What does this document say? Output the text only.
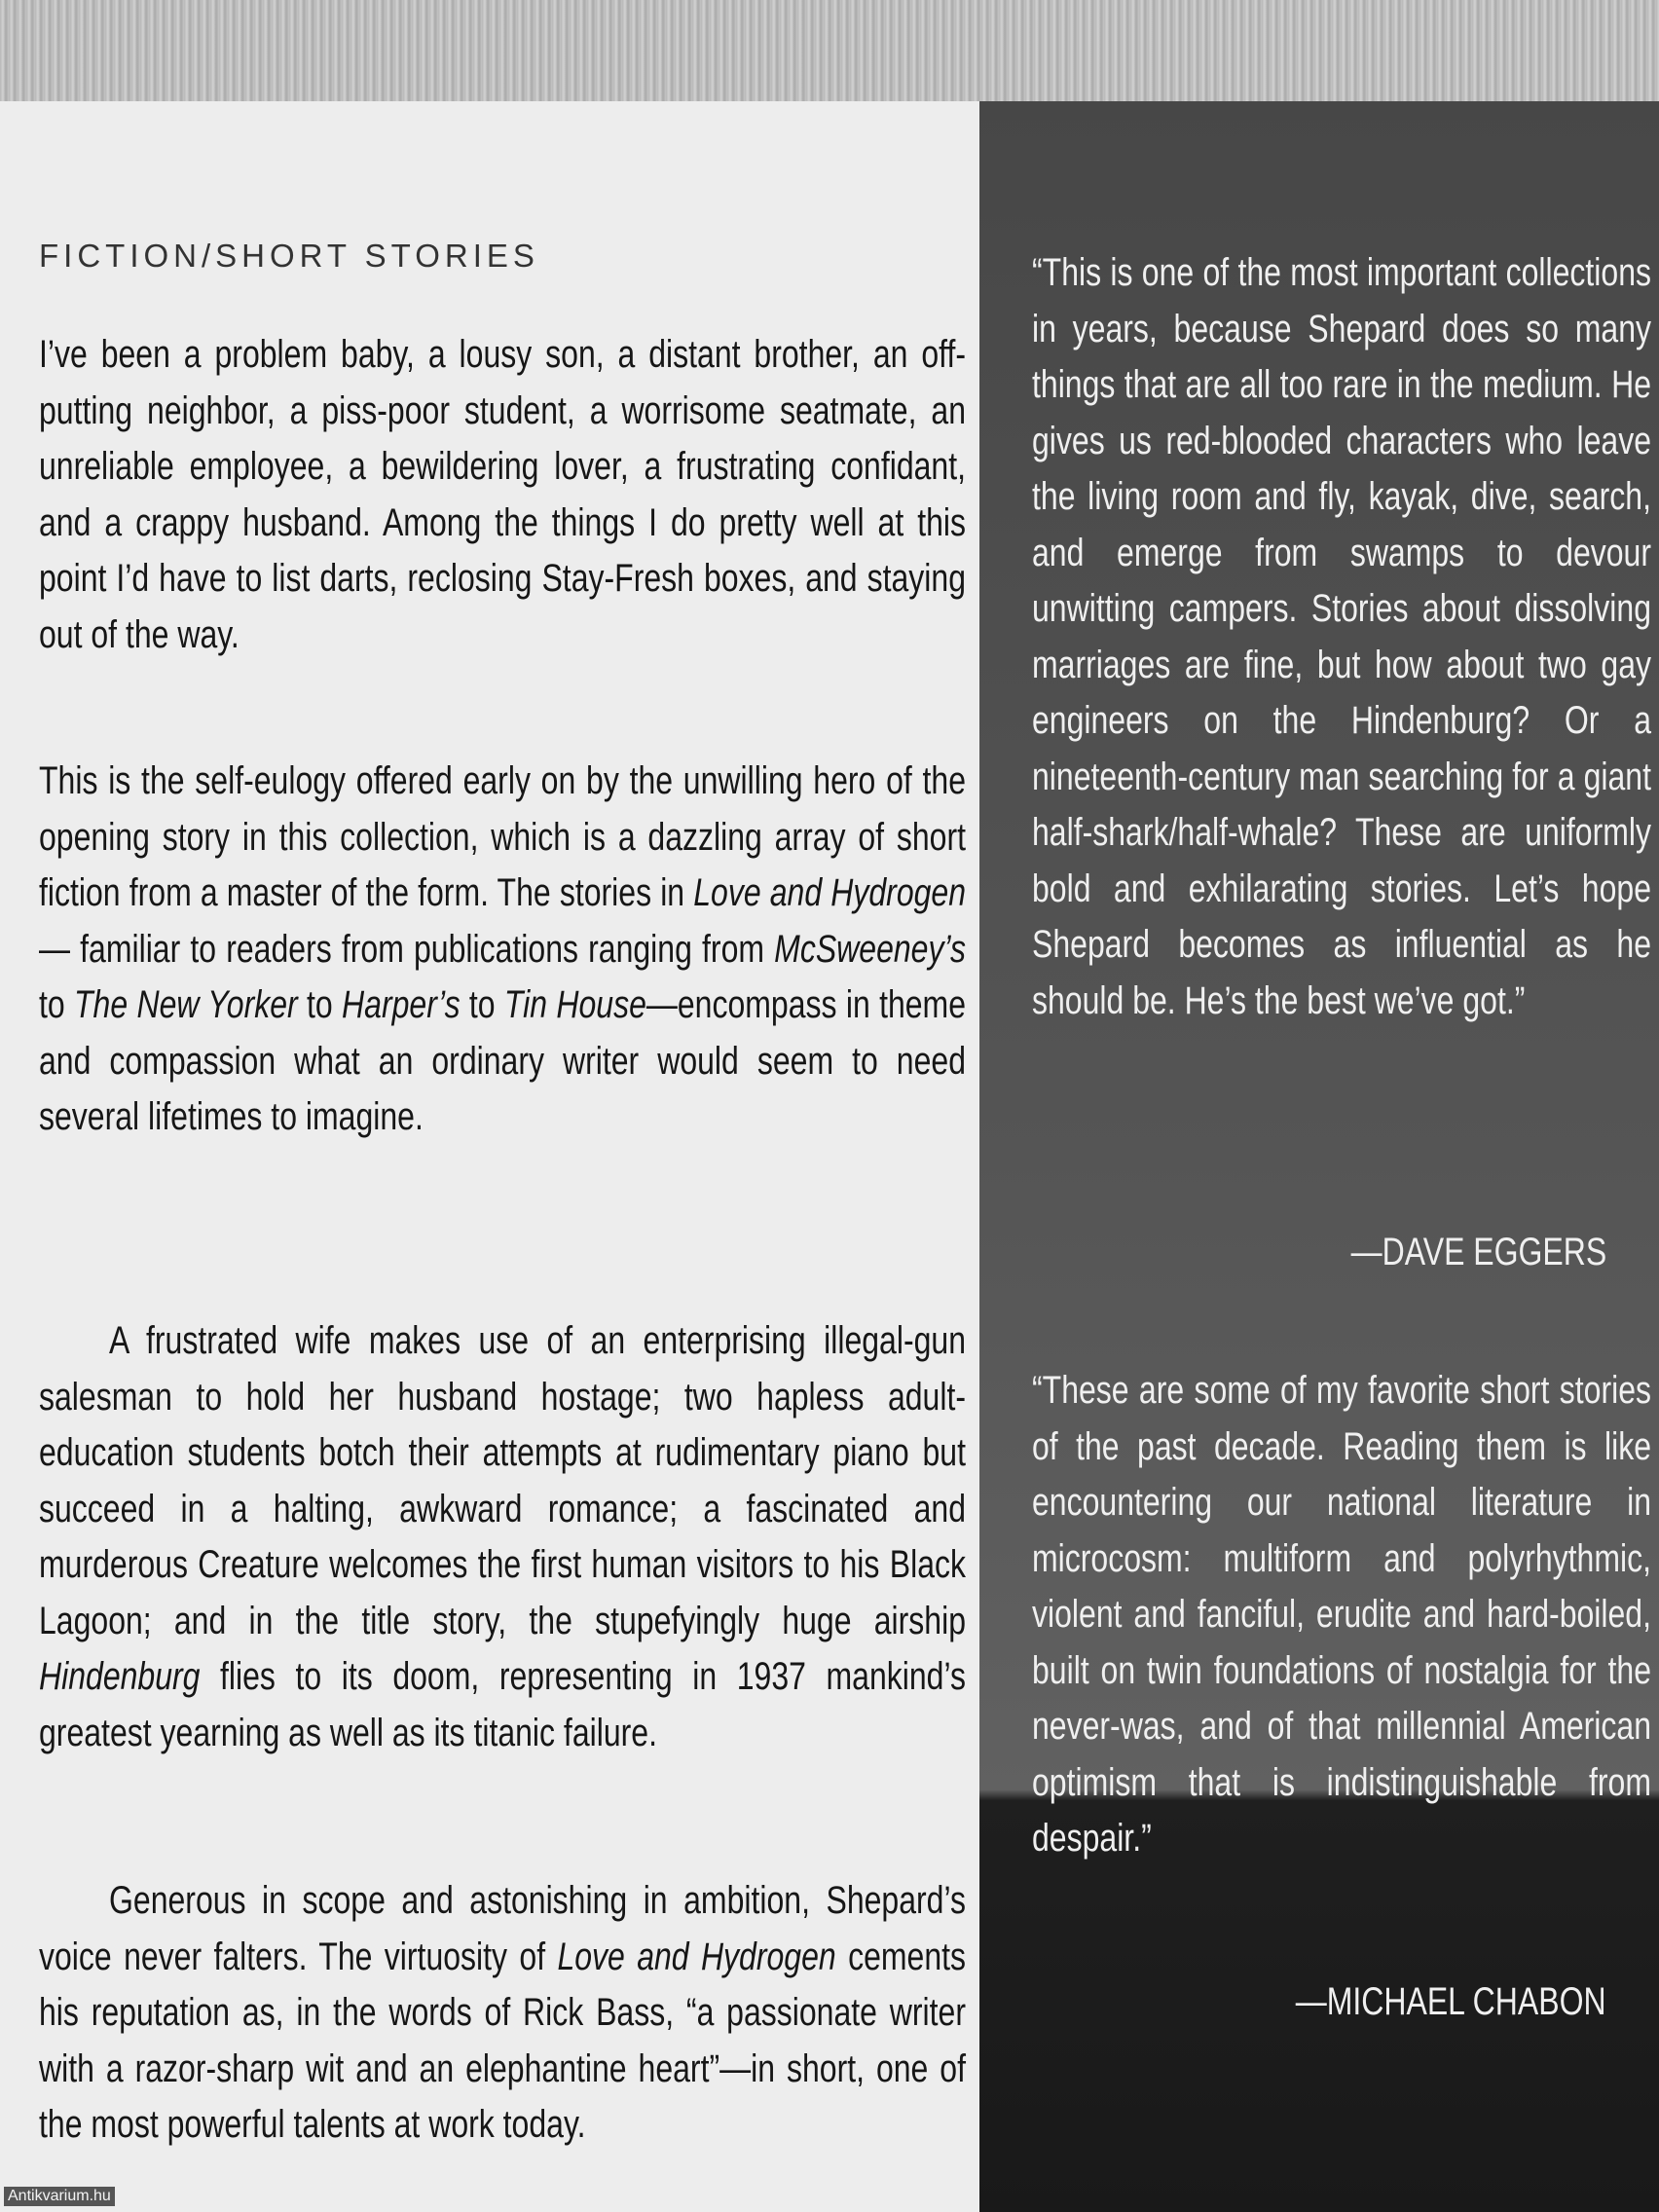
FICTION/SHORT STORIES

I’ve been a problem baby, a lousy son, a distant brother, an off-putting neighbor, a piss-poor student, a worrisome seatmate, an unreliable employee, a bewildering lover, a frustrating confidant, and a crappy husband. Among the things I do pretty well at this point I’d have to list darts, reclosing Stay-Fresh boxes, and staying out of the way.

This is the self-eulogy offered early on by the unwilling hero of the opening story in this collection, which is a dazzling array of short fiction from a master of the form. The stories in Love and Hydrogen— familiar to readers from publications ranging from McSweeney’s to The New Yorker to Harper’s to Tin House—encompass in theme and compassion what an ordinary writer would seem to need several lifetimes to imagine.

A frustrated wife makes use of an enterprising illegal-gun salesman to hold her husband hostage; two hapless adult-education students botch their attempts at rudimentary piano but succeed in a halting, awkward romance; a fascinated and murderous Creature welcomes the first human visitors to his Black Lagoon; and in the title story, the stupefyingly huge airship Hindenburg flies to its doom, representing in 1937 mankind’s greatest yearning as well as its titanic failure.

Generous in scope and astonishing in ambition, Shepard’s voice never falters. The virtuosity of Love and Hydrogen cements his reputation as, in the words of Rick Bass, “a passionate writer with a razor-sharp wit and an elephantine heart”—in short, one of the most powerful talents at work today.

“This is one of the most important collections in years, because Shepard does so many things that are all too rare in the medium. He gives us red-blooded characters who leave the living room and fly, kayak, dive, search, and emerge from swamps to devour unwitting campers. Stories about dissolving marriages are fine, but how about two gay engineers on the Hindenburg? Or a nineteenth-century man searching for a giant half-shark/half-whale? These are uniformly bold and exhilarating stories. Let’s hope Shepard becomes as influential as he should be. He’s the best we’ve got.”

—DAVE EGGERS

“These are some of my favorite short stories of the past decade. Reading them is like encountering our national literature in microcosm: multiform and polyrhythmic, violent and fanciful, erudite and hard-boiled, built on twin foundations of nostalgia for the never-was, and of that millennial American optimism that is indistinguishable from despair.”

—MICHAEL CHABON
Antikvarium.hu
